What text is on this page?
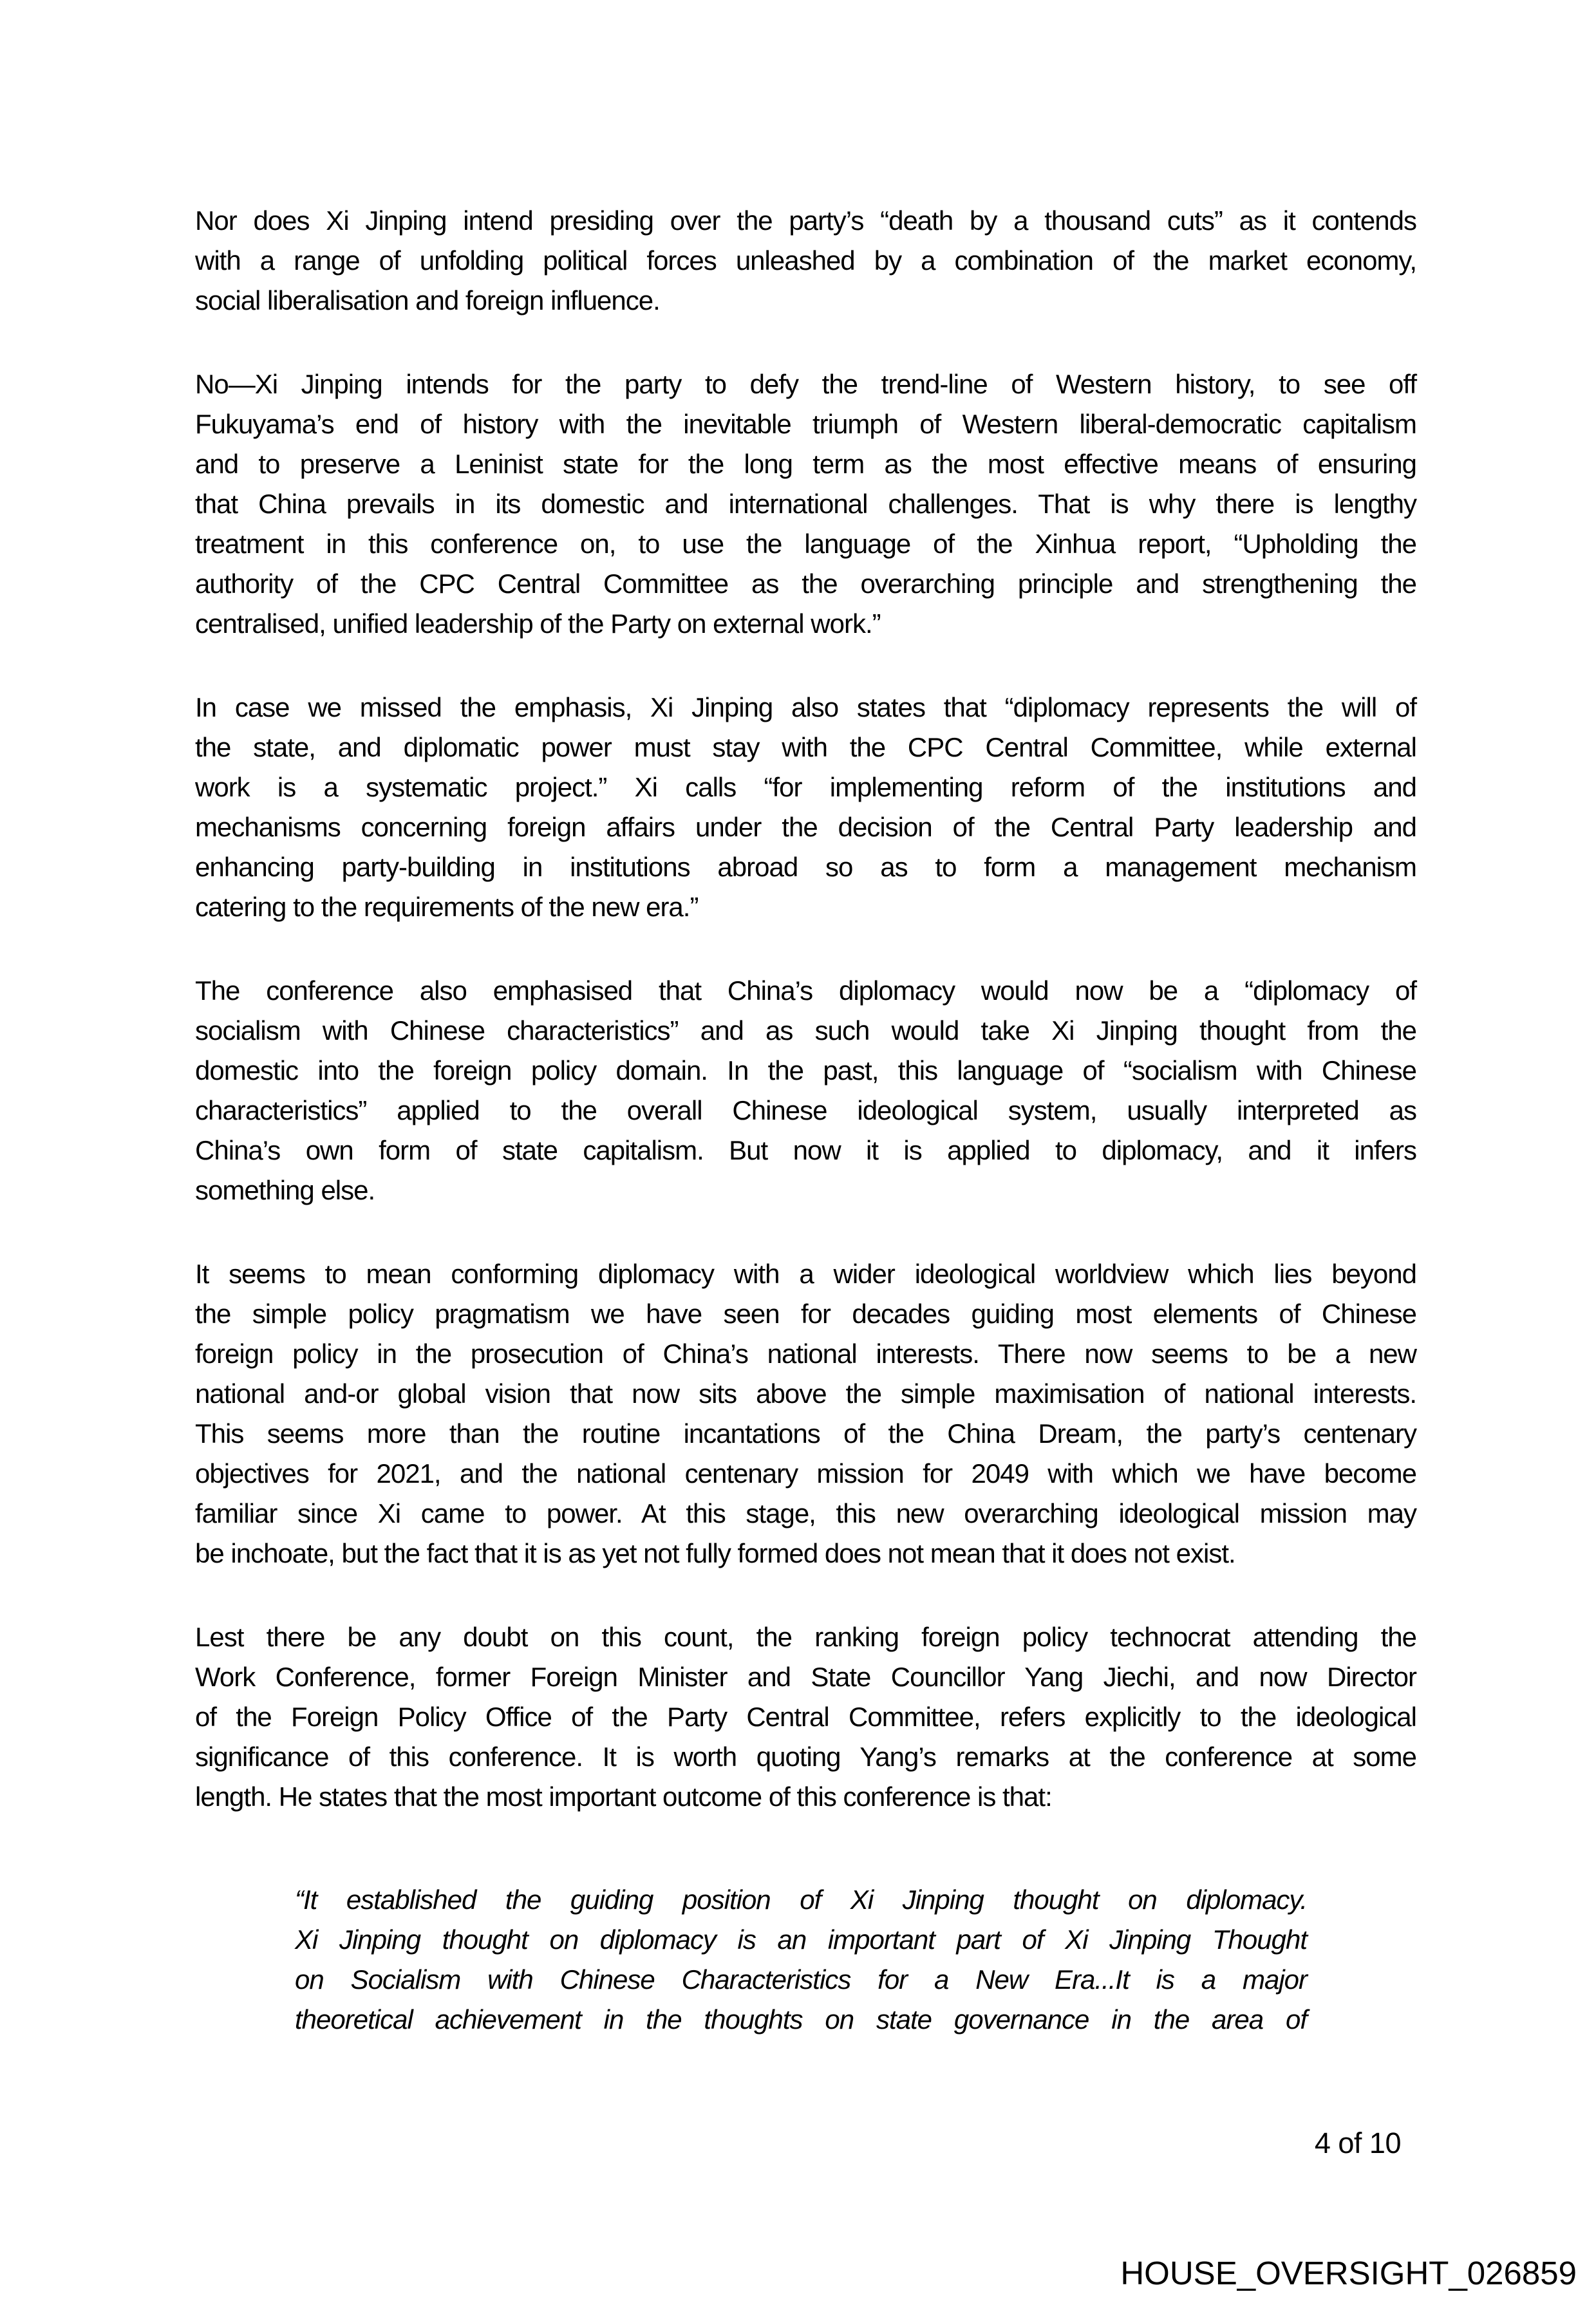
Nor does Xi Jinping intend presiding over the party’s “death by a thousand cuts” as it contends
with a range of unfolding political forces unleashed by a combination of the market economy,
social liberalisation and foreign influence.
No—Xi Jinping intends for the party to defy the trend-line of Western history, to see off
Fukuyama’s end of history with the inevitable triumph of Western liberal-democratic capitalism
and to preserve a Leninist state for the long term as the most effective means of ensuring
that China prevails in its domestic and international challenges. That is why there is lengthy
treatment in this conference on, to use the language of the Xinhua report, “Upholding the
authority of the CPC Central Committee as the overarching principle and strengthening the
centralised, unified leadership of the Party on external work.”
In case we missed the emphasis, Xi Jinping also states that “diplomacy represents the will of
the state, and diplomatic power must stay with the CPC Central Committee, while external
work is a systematic project.” Xi calls “for implementing reform of the institutions and
mechanisms concerning foreign affairs under the decision of the Central Party leadership and
enhancing party-building in institutions abroad so as to form a management mechanism
catering to the requirements of the new era.”
The conference also emphasised that China’s diplomacy would now be a “diplomacy of
socialism with Chinese characteristics” and as such would take Xi Jinping thought from the
domestic into the foreign policy domain. In the past, this language of “socialism with Chinese
characteristics” applied to the overall Chinese ideological system, usually interpreted as
China’s own form of state capitalism. But now it is applied to diplomacy, and it infers
something else.
It seems to mean conforming diplomacy with a wider ideological worldview which lies beyond
the simple policy pragmatism we have seen for decades guiding most elements of Chinese
foreign policy in the prosecution of China’s national interests. There now seems to be a new
national and-or global vision that now sits above the simple maximisation of national interests.
This seems more than the routine incantations of the China Dream, the party’s centenary
objectives for 2021, and the national centenary mission for 2049 with which we have become
familiar since Xi came to power. At this stage, this new overarching ideological mission may
be inchoate, but the fact that it is as yet not fully formed does not mean that it does not exist.
Lest there be any doubt on this count, the ranking foreign policy technocrat attending the
Work Conference, former Foreign Minister and State Councillor Yang Jiechi, and now Director
of the Foreign Policy Office of the Party Central Committee, refers explicitly to the ideological
significance of this conference. It is worth quoting Yang’s remarks at the conference at some
length. He states that the most important outcome of this conference is that:
“It established the guiding position of Xi Jinping thought on diplomacy.
Xi Jinping thought on diplomacy is an important part of Xi Jinping Thought
on Socialism with Chinese Characteristics for a New Era...It is a major
theoretical achievement in the thoughts on state governance in the area of
4 of 10
HOUSE_OVERSIGHT_026859
